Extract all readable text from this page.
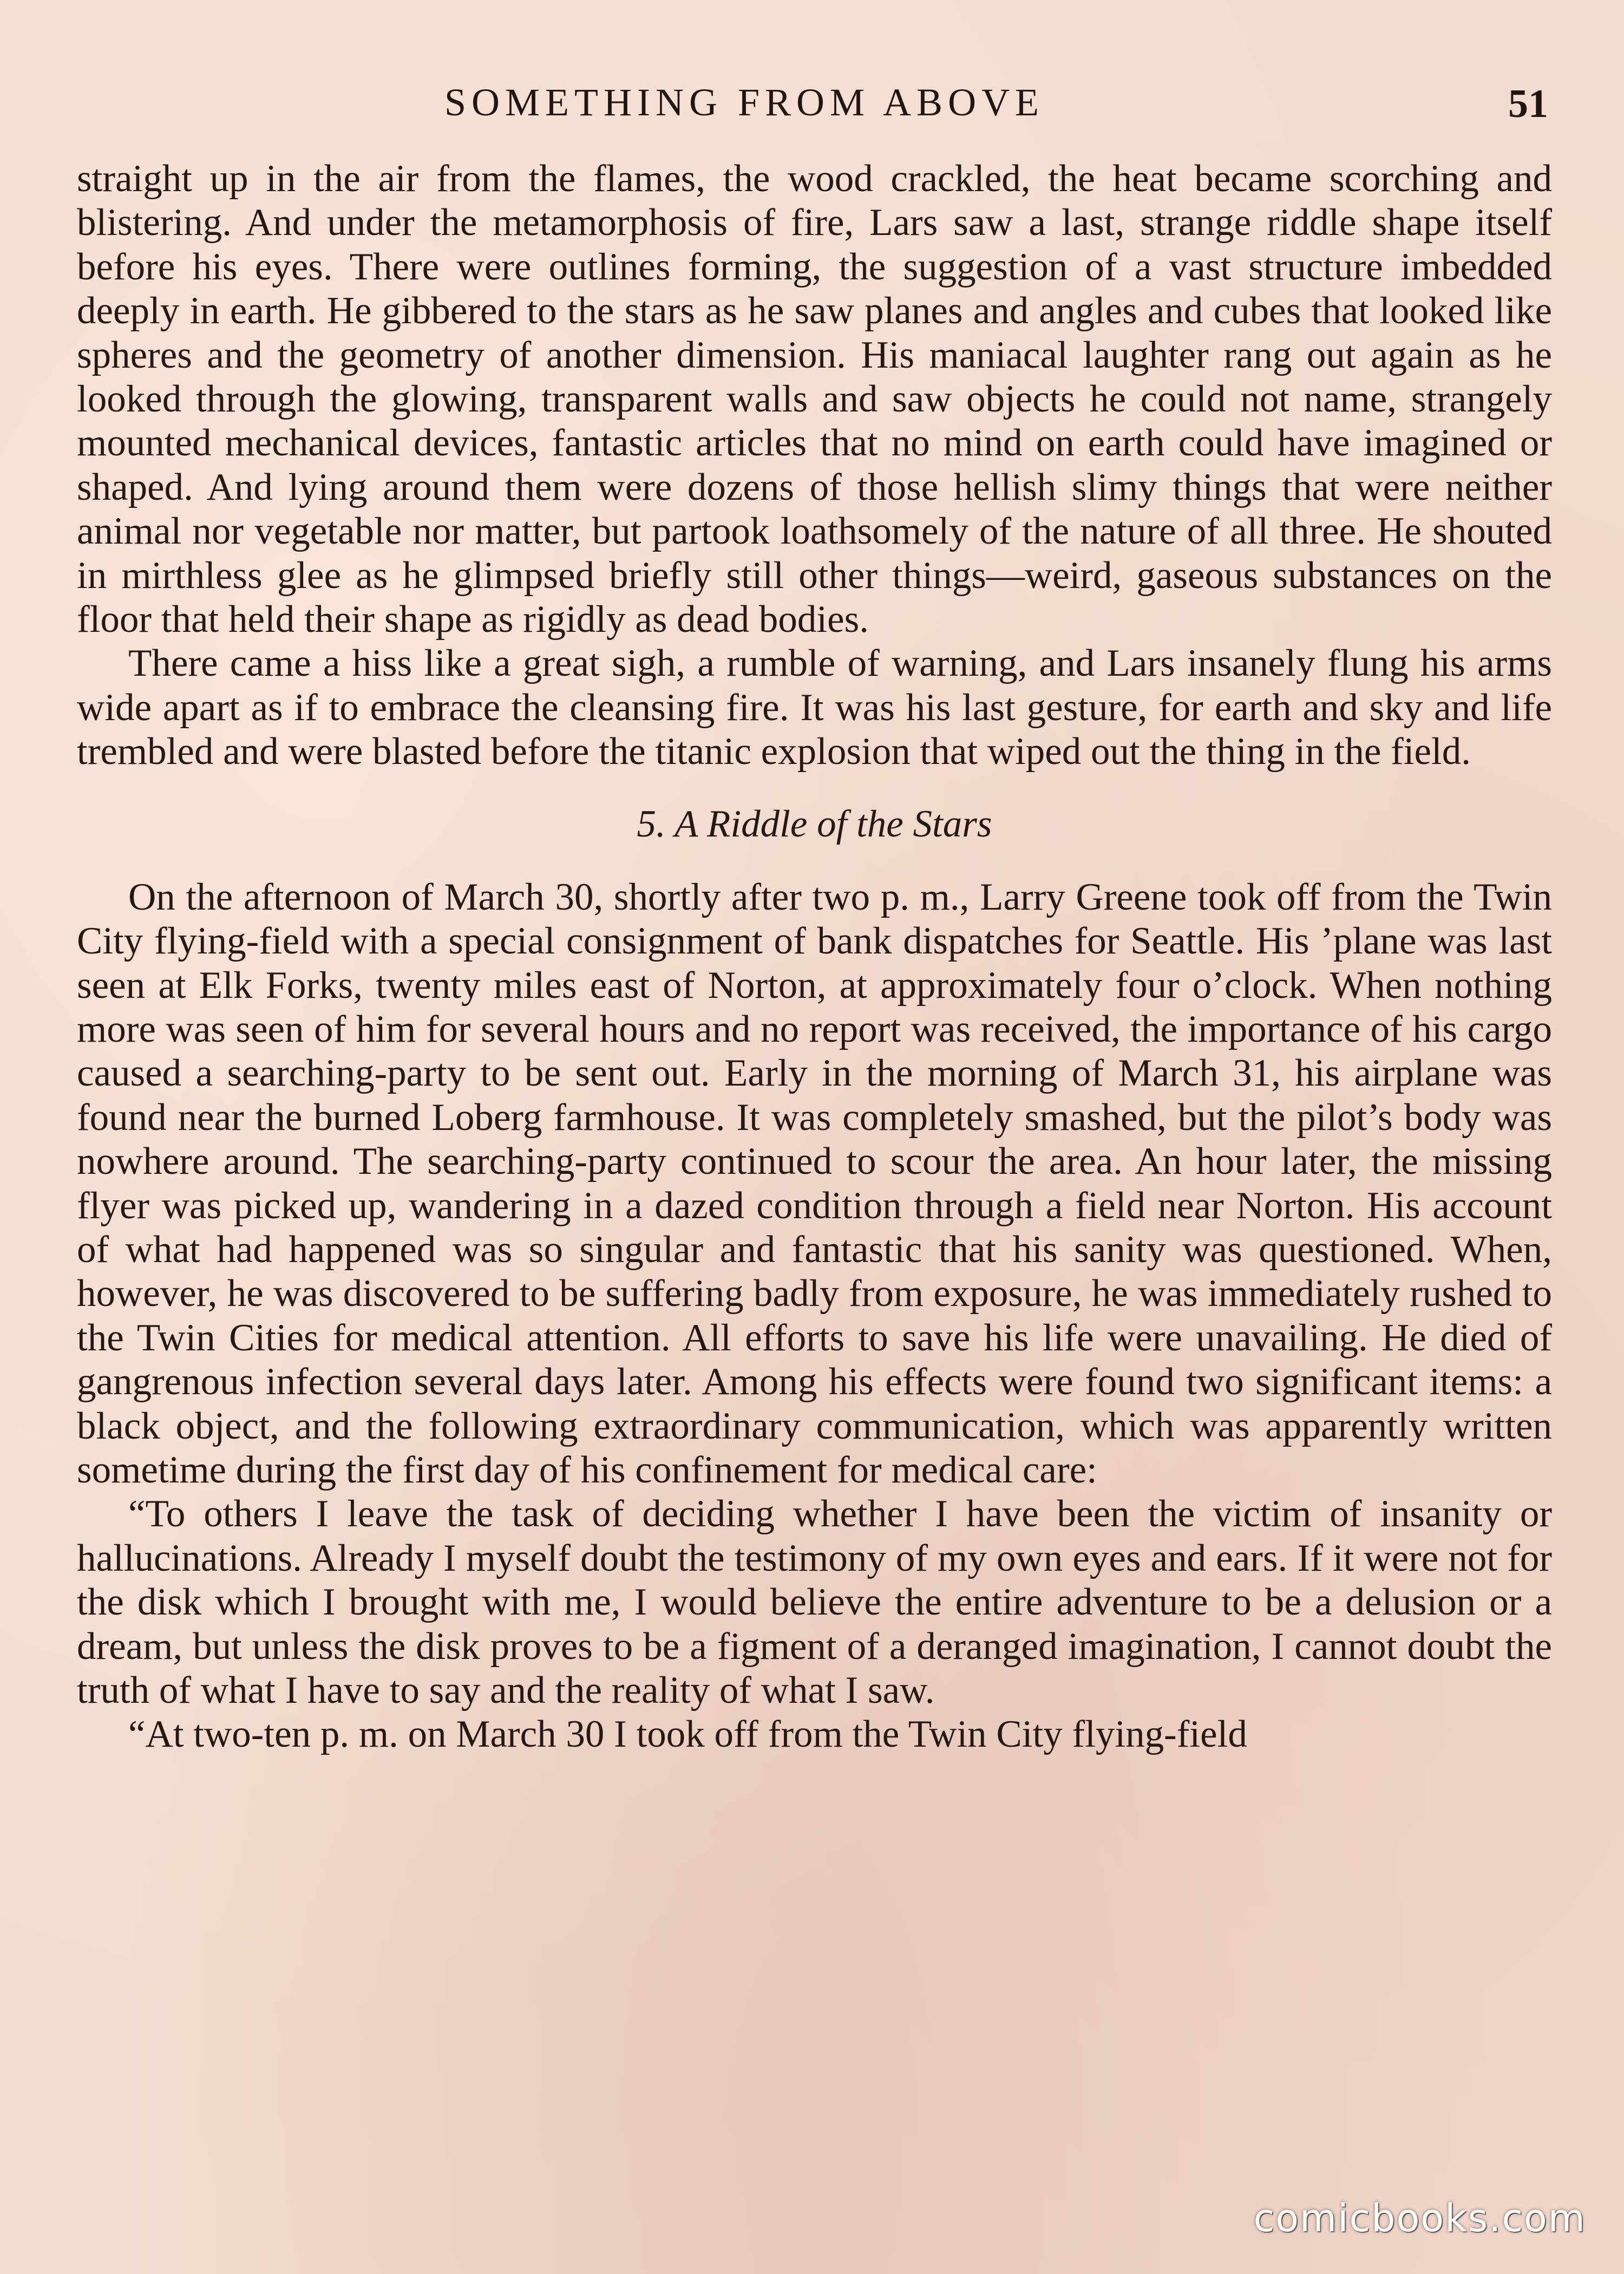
SOMETHING FROM ABOVE	51

straight up in the air from the flames, the wood crackled, the heat became scorching and blistering. And under the metamorphosis of fire, Lars saw a last, strange riddle shape itself before his eyes. There were outlines forming, the suggestion of a vast structure imbedded deeply in earth. He gibbered to the stars as he saw planes and angles and cubes that looked like spheres and the geometry of another dimension. His maniacal laughter rang out again as he looked through the glowing, transparent walls and saw objects he could not name, strangely mounted mechanical devices, fantastic articles that no mind on earth could have imagined or shaped. And lying around them were dozens of those hellish slimy things that were neither animal nor vegetable nor matter, but partook loathsomely of the nature of all three. He shouted in mirthless glee as he glimpsed briefly still other things—weird, gaseous substances on the floor that held their shape as rigidly as dead bodies.

There came a hiss like a great sigh, a rumble of warning, and Lars insanely flung his arms wide apart as if to embrace the cleansing fire. It was his last gesture, for earth and sky and life trembled and were blasted before the titanic explosion that wiped out the thing in the field.

5. A Riddle of the Stars

On the afternoon of March 30, shortly after two p. m., Larry Greene took off from the Twin City flying-field with a special consignment of bank dispatches for Seattle. His ’plane was last seen at Elk Forks, twenty miles east of Norton, at approximately four o’clock. When nothing more was seen of him for several hours and no report was received, the importance of his cargo caused a searching-party to be sent out. Early in the morning of March 31, his airplane was found near the burned Loberg farmhouse. It was completely smashed, but the pilot’s body was nowhere around. The searching-party continued to scour the area. An hour later, the missing flyer was picked up, wandering in a dazed condition through a field near Norton. His account of what had happened was so singular and fantastic that his sanity was questioned. When, however, he was discovered to be suffering badly from exposure, he was immediately rushed to the Twin Cities for medical attention. All efforts to save his life were unavailing. He died of gangrenous infection several days later. Among his effects were found two significant items: a black object, and the following extraordinary communication, which was apparently written sometime during the first day of his confinement for medical care:

“To others I leave the task of deciding whether I have been the victim of insanity or hallucinations. Already I myself doubt the testimony of my own eyes and ears. If it were not for the disk which I brought with me, I would believe the entire adventure to be a delusion or a dream, but unless the disk proves to be a figment of a deranged imagination, I cannot doubt the truth of what I have to say and the reality of what I saw.

“At two-ten p. m. on March 30 I took off from the Twin City flying-field

comicbooks.com
